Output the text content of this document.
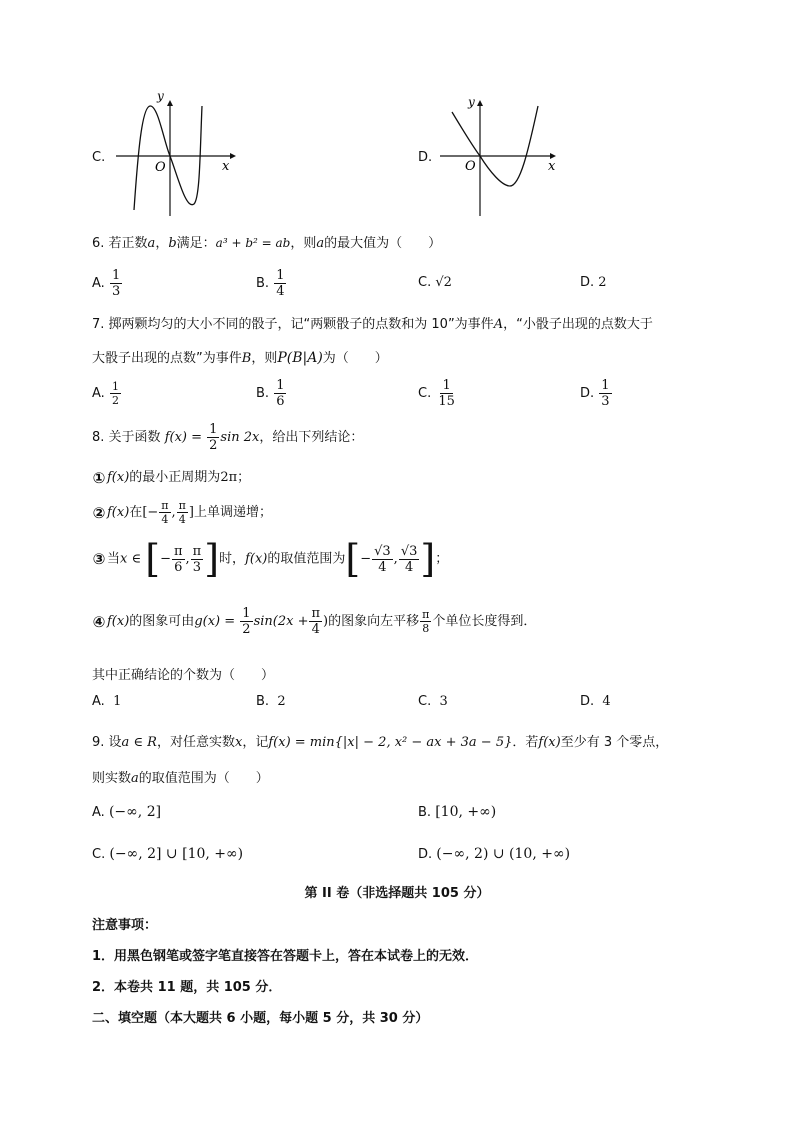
C.
y
x
O
D.
y
x
O
6. 若正数a，b满足：a³ + b² = ab，则a的最大值为（　　）
A. $\frac{1}{3}$	B. $\frac{1}{4}$	C. √2	D. 2
7. 掷两颗均匀的大小不同的骰子，记“两颗骰子的点数和为 10”为事件A，“小骰子出现的点数大于
大骰子出现的点数”为事件B，则P(B|A)为（　　）
A. $\frac{1}{2}$	B. $\frac{1}{6}$	C. $\frac{1}{15}$	D. $\frac{1}{3}$
8. 关于函数 $f(x) = \frac{1}{2}$ sin 2x，给出下列结论：
① f(x)的最小正周期为2π；
② f(x)在[− $\frac{\pi}{4}$ , $\frac{\pi}{4}$ ]上单调递增；
③ 当x ∈ [− $\frac{\pi}{6}$ , $\frac{\pi}{3}$ ]时，f(x)的取值范围为[− $\frac{√3}{4}$ , $\frac{√3}{4}$ ]；
④ f(x)的图象可由$g(x) = \frac{1}{2} \sin(2x + \frac{\pi}{4}$ )的图象向左平移 $\frac{\pi}{8}$ 个单位长度得到．
其中正确结论的个数为（　　）
A. 1	B. 2	C. 3	D. 4
9. 设a ∈ R，对任意实数x，记f(x) = min{|x| − 2, x² − ax + 3a − 5}．若f(x)至少有 3 个零点，
则实数a的取值范围为（　　）
A. (−∞, 2]	B. [10, +∞)
C. (−∞, 2] ∪ [10, +∞)	D. (−∞, 2) ∪ (10, +∞)
第 II 卷（非选择题共 105 分）
注意事项：
1．用黑色钢笔或签字笔直接答在答题卡上，答在本试卷上的无效．
2．本卷共 11 题，共 105 分．
二、填空题（本大题共 6 小题，每小题 5 分，共 30 分）
